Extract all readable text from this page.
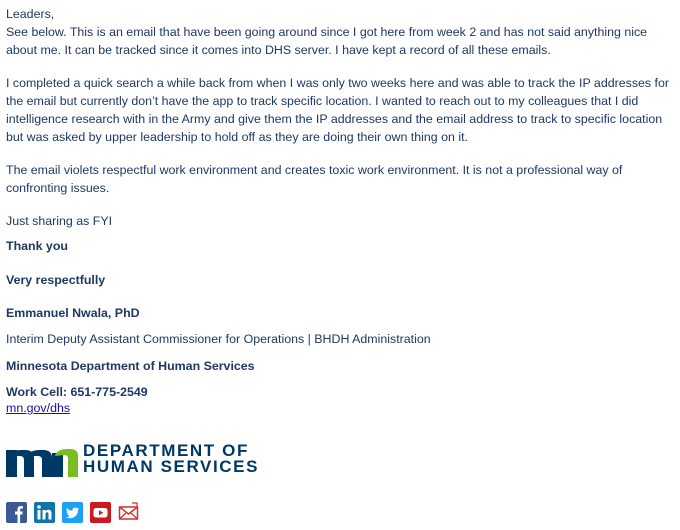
Leaders,

See below. This is an email that have been going around since I got here from week 2 and has not said anything nice about me. It can be tracked since it comes into DHS server. I have kept a record of all these emails.

I completed a quick search a while back from when I was only two weeks here and was able to track the IP addresses for the email but currently don’t have the app to track specific location. I wanted to reach out to my colleagues that I did intelligence research with in the Army and give them the IP addresses and the email address to track to specific location but was asked by upper leadership to hold off as they are doing their own thing on it.

The email violets respectful work environment and creates toxic work environment. It is not a professional way of confronting issues.

Just sharing as FYI

Thank you
Very respectfully
Emmanuel Nwala, PhD
Interim Deputy Assistant Commissioner for Operations | BHDH Administration
Minnesota Department of Human Services
Work Cell: 651-775-2549
mn.gov/dhs
DEPARTMENT OF
HUMAN SERVICES
